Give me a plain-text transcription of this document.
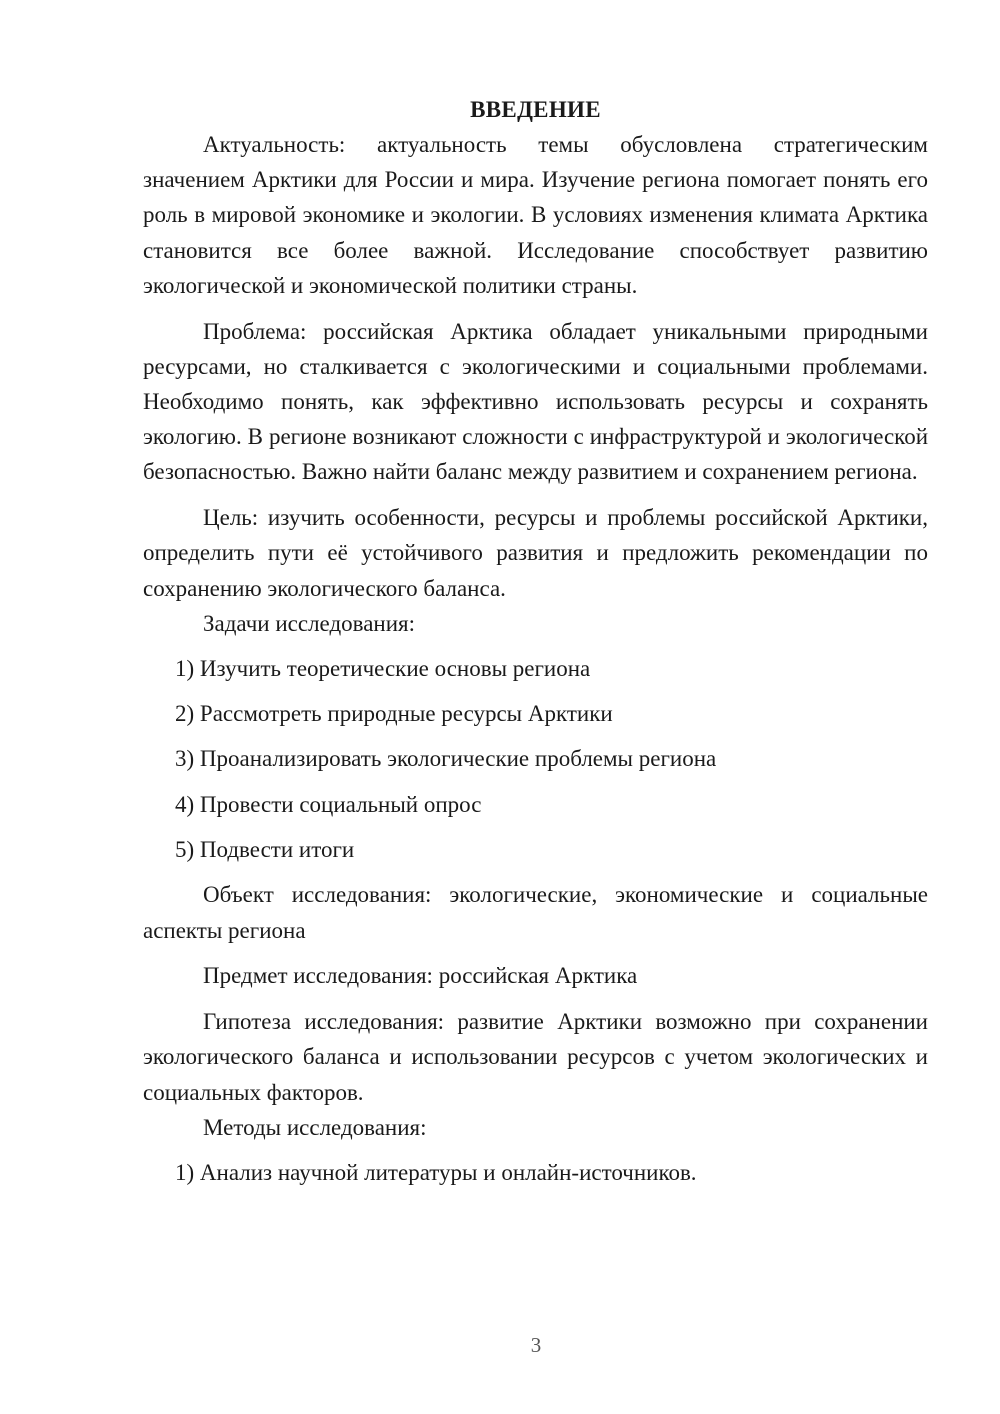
ВВЕДЕНИЕ

Актуальность: актуальность темы обусловлена стратегическим значением Арктики для России и мира. Изучение региона помогает понять его роль в мировой экономике и экологии. В условиях изменения климата Арктика становится все более важной. Исследование способствует развитию экологической и экономической политики страны.

Проблема: российская Арктика обладает уникальными природными ресурсами, но сталкивается с экологическими и социальными проблемами. Необходимо понять, как эффективно использовать ресурсы и сохранять экологию. В регионе возникают сложности с инфраструктурой и экологической безопасностью. Важно найти баланс между развитием и сохранением региона.

Цель: изучить особенности, ресурсы и проблемы российской Арктики, определить пути её устойчивого развития и предложить рекомендации по сохранению экологического баланса.

Задачи исследования:

1) Изучить теоретические основы региона

2) Рассмотреть природные ресурсы Арктики

3) Проанализировать экологические проблемы региона

4) Провести социальный опрос

5) Подвести итоги

Объект исследования: экологические, экономические и социальные аспекты региона

Предмет исследования: российская Арктика

Гипотеза исследования: развитие Арктики возможно при сохранении экологического баланса и использовании ресурсов с учетом экологических и социальных факторов.

Методы исследования:

1) Анализ научной литературы и онлайн-источников.

3
